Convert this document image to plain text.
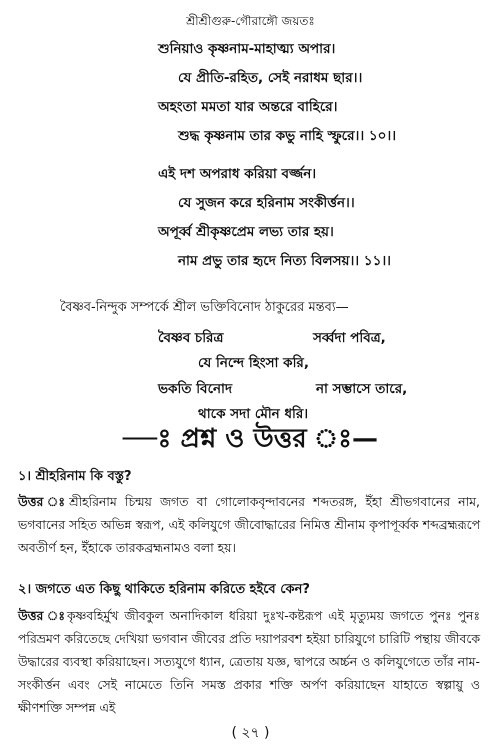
শ্রীশ্রীগুরু-গৌরাঙ্গৌ জয়তঃ
শুনিয়াও কৃষ্ণনাম-মাহাত্ম্য অপার।
যে প্রীতি-রহিত, সেই নরাধম ছার।।
অহংতা মমতা যার অন্তরে বাহিরে।
শুদ্ধ কৃষ্ণনাম তার কভু নাহি স্ফুরে।। ১০।।
এই দশ অপরাধ করিয়া বর্জ্জন।
যে সুজন করে হরিনাম সংকীর্ত্তন।।
অপূর্ব্ব শ্রীকৃষ্ণপ্রেম লভ্য তার হয়।
নাম প্রভু তার হৃদে নিত্য বিলসয়।। ১১।।
বৈষ্ণব-নিন্দুক সম্পর্কে শ্রীল ভক্তিবিনোদ ঠাকুরের মন্তব্য—
বৈষ্ণব চরিত্র	সর্ব্বদা পবিত্র,
যে নিন্দে হিংসা করি,
ভকতি বিনোদ	না সম্ভাসে তারে,
থাকে সদা মৌন ধরি।
—ঃ প্রশ্ন ও উত্তর ঃ—
১। শ্রীহরিনাম কি বস্তু?
উত্তর ঃশ্রীহরিনাম চিন্ময় জগত বা গোলোকবৃন্দাবনের শব্দতরঙ্গ, ইঁহা শ্রীভগবানের নাম, ভগবানের সহিত অভিন্ন স্বরূপ, এই কলিযুগে জীবোদ্ধারের নিমিত্ত শ্রীনাম কৃপাপূর্ব্বক শব্দব্রহ্মরূপে অবতীর্ণ হন, ইঁহাকে তারকব্রহ্মনামও বলা হয়।
২। জগতে এত কিছু থাকিতে হরিনাম করিতে হইবে কেন?
উত্তর ঃকৃষ্ণবহির্মুখ জীবকুল অনাদিকাল ধরিয়া দুঃখ-কষ্টরূপ এই মৃত্যুময় জগতে পুনঃ পুনঃ পরিভ্রমণ করিতেছে দেখিয়া ভগবান জীবের প্রতি দয়াপরবশ হইয়া চারিযুগে চারিটি পন্থায় জীবকে উদ্ধারের ব্যবস্থা করিয়াছেন। সত্যযুগে ধ্যান, ত্রেতায় যজ্ঞ, দ্বাপরে অর্চ্চন ও কলিযুগেতে তাঁর নাম-সংকীর্ত্তন এবং সেই নামেতে তিনি সমস্ত প্রকার শক্তি অর্পণ করিয়াছেন যাহাতে স্বল্পায়ু ও ক্ষীণশক্তি সম্পন্ন এই
( ২৭ )
